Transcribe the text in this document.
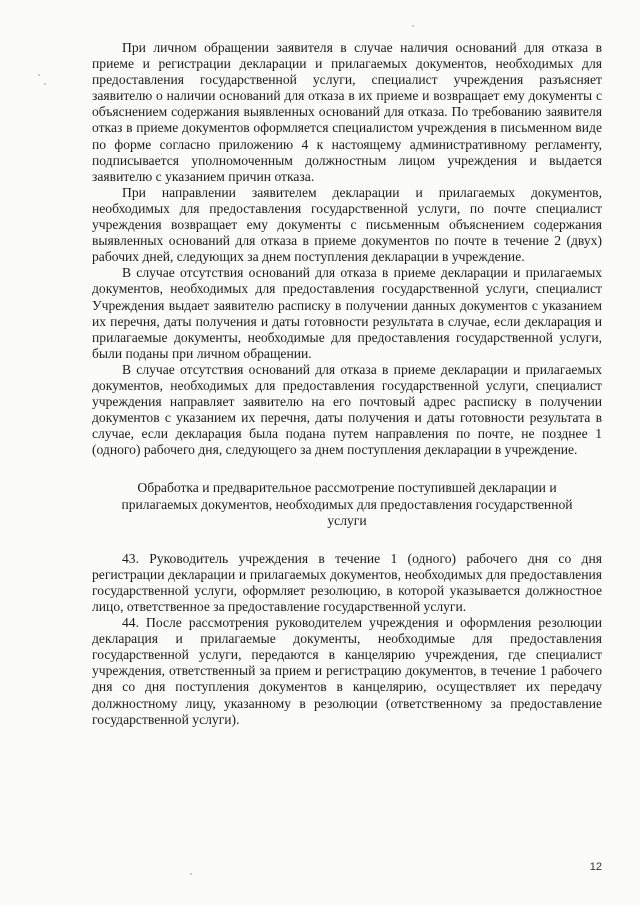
При личном обращении заявителя в случае наличия оснований для отказа в приеме и регистрации декларации и прилагаемых документов, необходимых для предоставления государственной услуги, специалист учреждения разъясняет заявителю о наличии оснований для отказа в их приеме и возвращает ему документы с объяснением содержания выявленных оснований для отказа. По требованию заявителя отказ в приеме документов оформляется специалистом учреждения в письменном виде по форме согласно приложению 4 к настоящему административному регламенту, подписывается уполномоченным должностным лицом учреждения и выдается заявителю с указанием причин отказа.

При направлении заявителем декларации и прилагаемых документов, необходимых для предоставления государственной услуги, по почте специалист учреждения возвращает ему документы с письменным объяснением содержания выявленных оснований для отказа в приеме документов по почте в течение 2 (двух) рабочих дней, следующих за днем поступления декларации в учреждение.

В случае отсутствия оснований для отказа в приеме декларации и прилагаемых документов, необходимых для предоставления государственной услуги, специалист Учреждения выдает заявителю расписку в получении данных документов с указанием их перечня, даты получения и даты готовности результата в случае, если декларация и прилагаемые документы, необходимые для предоставления государственной услуги, были поданы при личном обращении.

В случае отсутствия оснований для отказа в приеме декларации и прилагаемых документов, необходимых для предоставления государственной услуги, специалист учреждения направляет заявителю на его почтовый адрес расписку в получении документов с указанием их перечня, даты получения и даты готовности результата в случае, если декларация была подана путем направления по почте, не позднее 1 (одного) рабочего дня, следующего за днем поступления декларации в учреждение.

Обработка и предварительное рассмотрение поступившей декларации и прилагаемых документов, необходимых для предоставления государственной услуги

43. Руководитель учреждения в течение 1 (одного) рабочего дня со дня регистрации декларации и прилагаемых документов, необходимых для предоставления государственной услуги, оформляет резолюцию, в которой указывается должностное лицо, ответственное за предоставление государственной услуги.

44. После рассмотрения руководителем учреждения и оформления резолюции декларация и прилагаемые документы, необходимые для предоставления государственной услуги, передаются в канцелярию учреждения, где специалист учреждения, ответственный за прием и регистрацию документов, в течение 1 рабочего дня со дня поступления документов в канцелярию, осуществляет их передачу должностному лицу, указанному в резолюции (ответственному за предоставление государственной услуги).

12
